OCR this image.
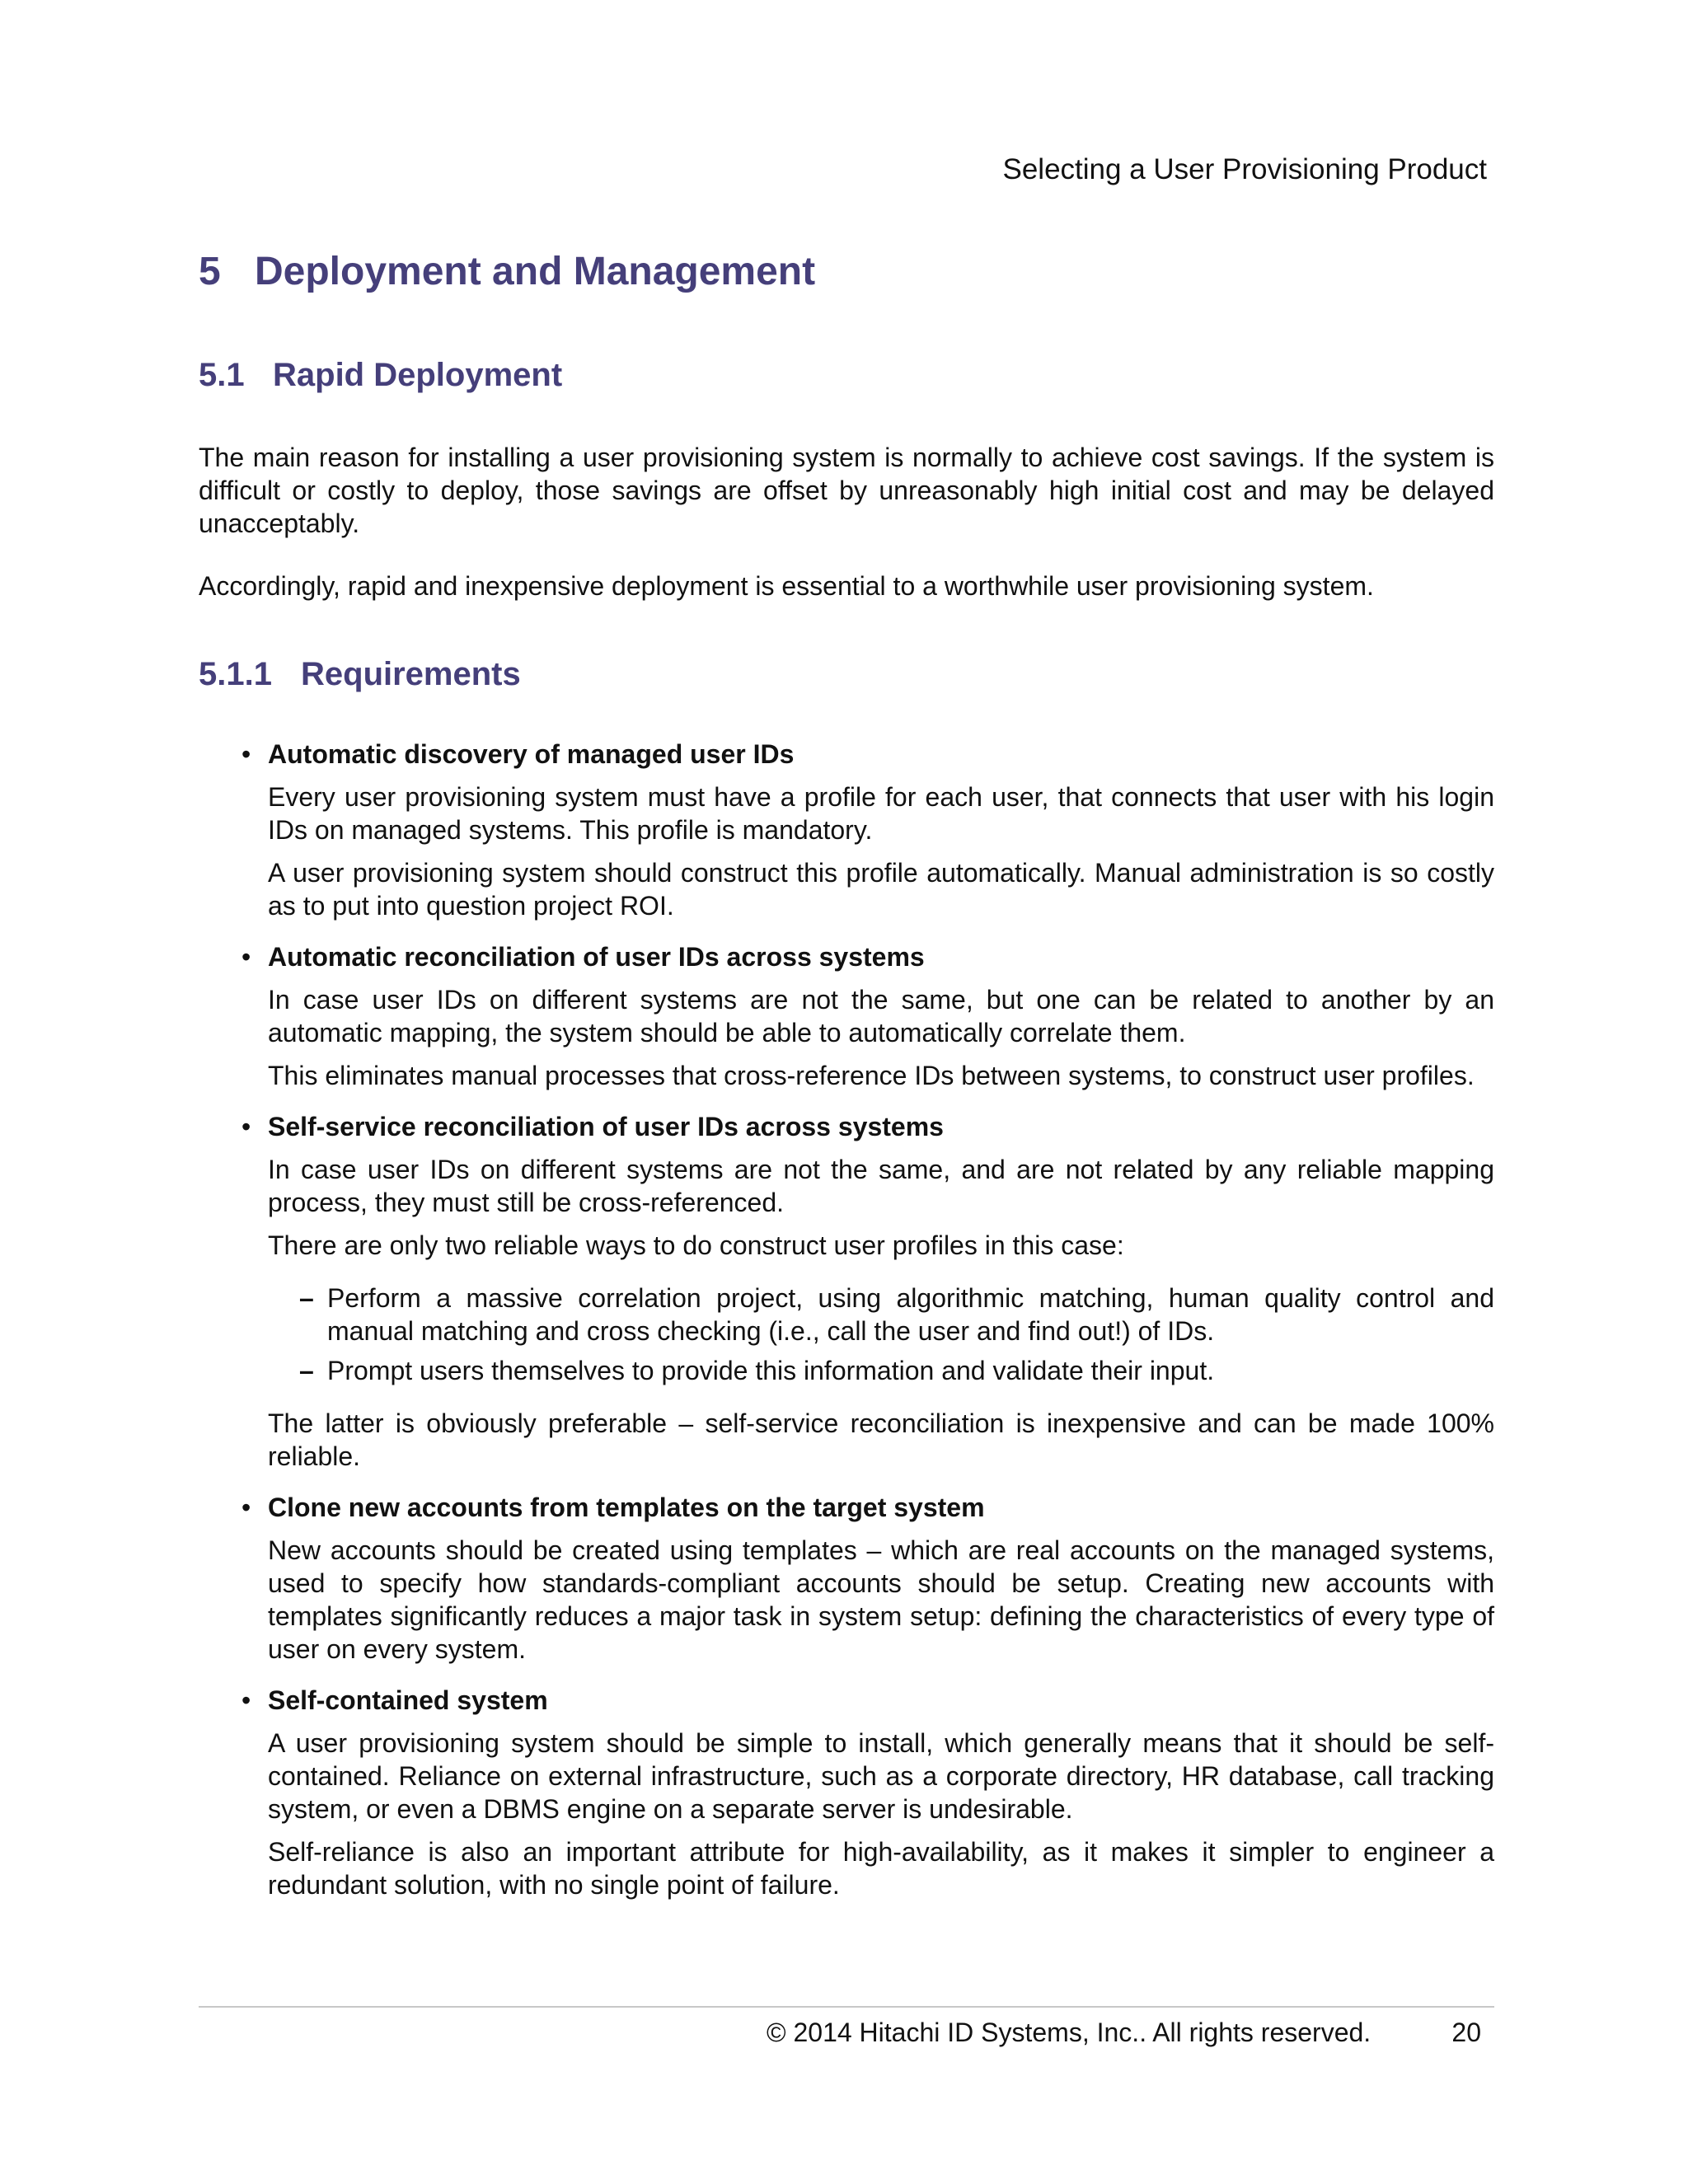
Selecting a User Provisioning Product
5 Deployment and Management
5.1 Rapid Deployment

The main reason for installing a user provisioning system is normally to achieve cost savings. If the system is difficult or costly to deploy, those savings are offset by unreasonably high initial cost and may be delayed unacceptably.

Accordingly, rapid and inexpensive deployment is essential to a worthwhile user provisioning system.

5.1.1 Requirements
• Automatic discovery of managed user IDs

Every user provisioning system must have a profile for each user, that connects that user with his login IDs on managed systems. This profile is mandatory.

A user provisioning system should construct this profile automatically. Manual administration is so costly as to put into question project ROI.

• Automatic reconciliation of user IDs across systems

In case user IDs on different systems are not the same, but one can be related to another by an automatic mapping, the system should be able to automatically correlate them.

This eliminates manual processes that cross-reference IDs between systems, to construct user profiles.

• Self-service reconciliation of user IDs across systems

In case user IDs on different systems are not the same, and are not related by any reliable mapping process, they must still be cross-referenced.

There are only two reliable ways to do construct user profiles in this case:

– Perform a massive correlation project, using algorithmic matching, human quality control and manual matching and cross checking (i.e., call the user and find out!) of IDs.
– Prompt users themselves to provide this information and validate their input.

The latter is obviously preferable – self-service reconciliation is inexpensive and can be made 100% reliable.

• Clone new accounts from templates on the target system

New accounts should be created using templates – which are real accounts on the managed systems, used to specify how standards-compliant accounts should be setup. Creating new accounts with templates significantly reduces a major task in system setup: defining the characteristics of every type of user on every system.

• Self-contained system

A user provisioning system should be simple to install, which generally means that it should be self-contained. Reliance on external infrastructure, such as a corporate directory, HR database, call tracking system, or even a DBMS engine on a separate server is undesirable.

Self-reliance is also an important attribute for high-availability, as it makes it simpler to engineer a redundant solution, with no single point of failure.

© 2014 Hitachi ID Systems, Inc.. All rights reserved.	20
